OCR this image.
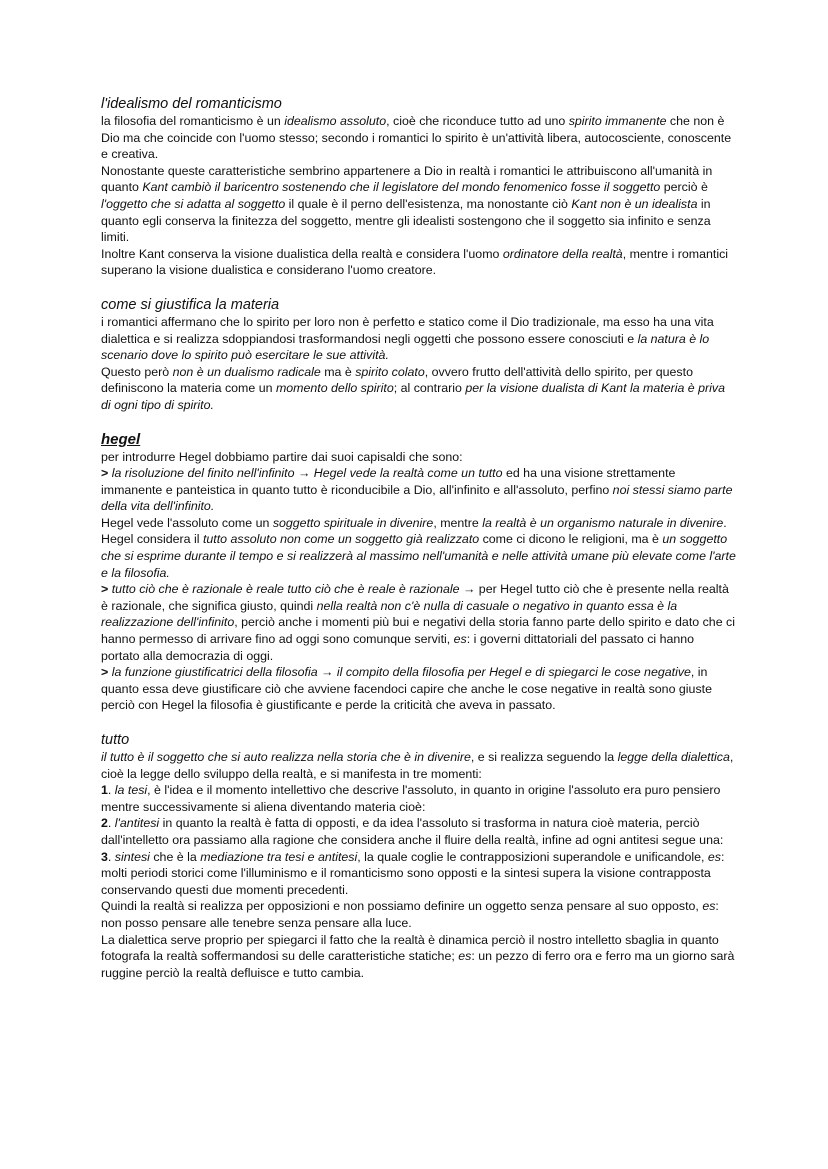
l'idealismo del romanticismo

la filosofia del romanticismo è un idealismo assoluto, cioè che riconduce tutto ad uno spirito immanente che non è Dio ma che coincide con l'uomo stesso; secondo i romantici lo spirito è un'attività libera, autocosciente, conoscente e creativa.

Nonostante queste caratteristiche sembrino appartenere a Dio in realtà i romantici le attribuiscono all'umanità in quanto Kant cambiò il baricentro sostenendo che il legislatore del mondo fenomenico fosse il soggetto perciò è l'oggetto che si adatta al soggetto il quale è il perno dell'esistenza, ma nonostante ciò Kant non è un idealista in quanto egli conserva la finitezza del soggetto, mentre gli idealisti sostengono che il soggetto sia infinito e senza limiti.

Inoltre Kant conserva la visione dualistica della realtà e considera l'uomo ordinatore della realtà, mentre i romantici superano la visione dualistica e considerano l'uomo creatore.

come si giustifica la materia

i romantici affermano che lo spirito per loro non è perfetto e statico come il Dio tradizionale, ma esso ha una vita dialettica e si realizza sdoppiandosi trasformandosi negli oggetti che possono essere conosciuti e la natura è lo scenario dove lo spirito può esercitare le sue attività.

Questo però non è un dualismo radicale ma è spirito colato, ovvero frutto dell'attività dello spirito, per questo definiscono la materia come un momento dello spirito; al contrario per la visione dualista di Kant la materia è priva di ogni tipo di spirito.

hegel

per introdurre Hegel dobbiamo partire dai suoi capisaldi che sono:

> la risoluzione del finito nell'infinito → Hegel vede la realtà come un tutto ed ha una visione strettamente immanente e panteistica in quanto tutto è riconducibile a Dio, all'infinito e all'assoluto, perfino noi stessi siamo parte della vita dell'infinito.

Hegel vede l'assoluto come un soggetto spirituale in divenire, mentre la realtà è un organismo naturale in divenire. Hegel considera il tutto assoluto non come un soggetto già realizzato come ci dicono le religioni, ma è un soggetto che si esprime durante il tempo e si realizzerà al massimo nell'umanità e nelle attività umane più elevate come l'arte e la filosofia.

> tutto ciò che è razionale è reale tutto ciò che è reale è razionale → per Hegel tutto ciò che è presente nella realtà è razionale, che significa giusto, quindi nella realtà non c'è nulla di casuale o negativo in quanto essa è la realizzazione dell'infinito, perciò anche i momenti più bui e negativi della storia fanno parte dello spirito e dato che ci hanno permesso di arrivare fino ad oggi sono comunque serviti, es: i governi dittatoriali del passato ci hanno portato alla democrazia di oggi.

> la funzione giustificatrici della filosofia → il compito della filosofia per Hegel e di spiegarci le cose negative, in quanto essa deve giustificare ciò che avviene facendoci capire che anche le cose negative in realtà sono giuste perciò con Hegel la filosofia è giustificante e perde la criticità che aveva in passato.

tutto

il tutto è il soggetto che si auto realizza nella storia che è in divenire, e si realizza seguendo la legge della dialettica, cioè la legge dello sviluppo della realtà, e si manifesta in tre momenti:

1. la tesi, è l'idea e il momento intellettivo che descrive l'assoluto, in quanto in origine l'assoluto era puro pensiero mentre successivamente si aliena diventando materia cioè:

2. l'antitesi in quanto la realtà è fatta di opposti, e da idea l'assoluto si trasforma in natura cioè materia, perciò dall'intelletto ora passiamo alla ragione che considera anche il fluire della realtà, infine ad ogni antitesi segue una:

3. sintesi che è la mediazione tra tesi e antitesi, la quale coglie le contrapposizioni superandole e unificandole, es: molti periodi storici come l'illuminismo e il romanticismo sono opposti e la sintesi supera la visione contrapposta conservando questi due momenti precedenti.

Quindi la realtà si realizza per opposizioni e non possiamo definire un oggetto senza pensare al suo opposto, es: non posso pensare alle tenebre senza pensare alla luce.

La dialettica serve proprio per spiegarci il fatto che la realtà è dinamica perciò il nostro intelletto sbaglia in quanto fotografa la realtà soffermandosi su delle caratteristiche statiche; es: un pezzo di ferro ora e ferro ma un giorno sarà ruggine perciò la realtà defluisce e tutto cambia.
